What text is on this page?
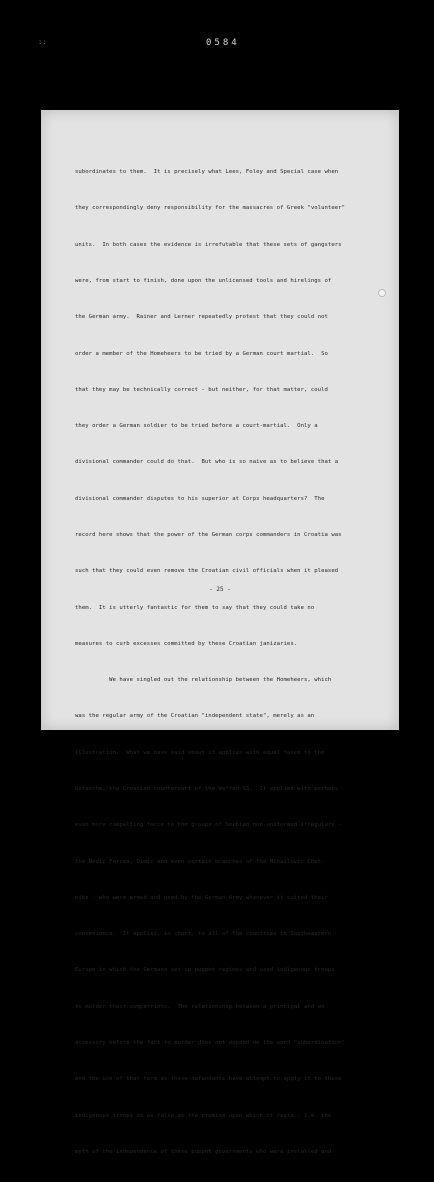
::	0584

subordinates to them.  It is precisely what Lees, Foley and Special case when

they correspondingly deny responsibility for the massacres of Greek "volunteer"

units.  In both cases the evidence is irrefutable that these sets of gangsters

were, from start to finish, done upon the unlicensed tools and hirelings of

the German army.  Rainer and Lerner repeatedly protest that they could not

order a member of the Homeheers to be tried by a German court martial.  So

that they may be technically correct - but neither, for that matter, could

they order a German soldier to be tried before a court-martial.  Only a

divisional commander could do that.  But who is so naive as to believe that a

divisional commander disputes to his superior at Corps headquarters?  The

record here shows that the power of the German corps commanders in Croatia was

such that they could even remove the Croatian civil officials when it pleased

them.  It is utterly fantastic for them to say that they could take no

measures to curb excesses committed by these Croatian janizaries.

We have singled out the relationship between the Homeheers, which

was the regular army of the Croatian "independent state", merely as an

illustration.  What we have said about it applies with equal force to the

Ustasche, the Croatian counterpart of the Waffen-SS.  It applies with perhaps

even more compelling force to the groups of Serbian non-uniformed irregulars -

the Nedic Forces, Dimic and even certain branches of the Mihailovic Chet-

niks - who were armed and used by the German Army whenever it suited their

convenience.  It applies, in short, to all of the countries in Southeastern

Europe in which the Germans set up puppet regimes and used indigenous troops

to murder their compatriots.  The relationship between a principal and an

accessory before-the-fact to murder does not depend on the word "subordination"

and the use of that term as these defendants have attempt to apply it to these

indigenous troops is as false as the premise upon which it rests - i.e. the

myth of the independence of these puppet governments who were installed and

- 25 -
